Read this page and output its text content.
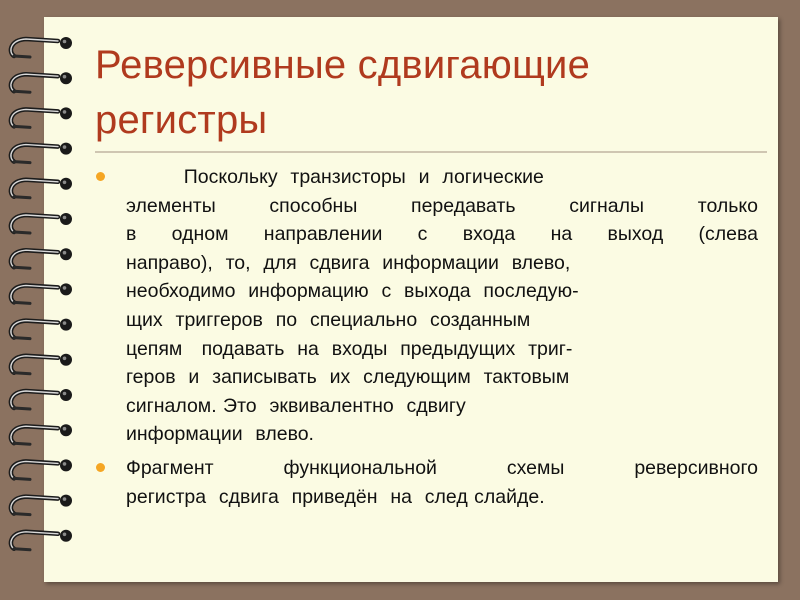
Реверсивные сдвигающие
регистры
Поскольку  транзисторы  и  логические
элементы способны передавать сигналы только
в одном направлении с входа на выход (слева
направо),  то,  для  сдвига  информации  влево,
необходимо  информацию  с  выхода  последую-
щих  триггеров  по  специально  созданным
цепям   подавать  на  входы  предыдущих  триг-
геров  и  записывать  их  следующим  тактовым
сигналом. Это  эквивалентно  сдвигу
информации  влево.
Фрагмент функциональной схемы реверсивного
регистра  сдвига  приведён  на  след слайде.
